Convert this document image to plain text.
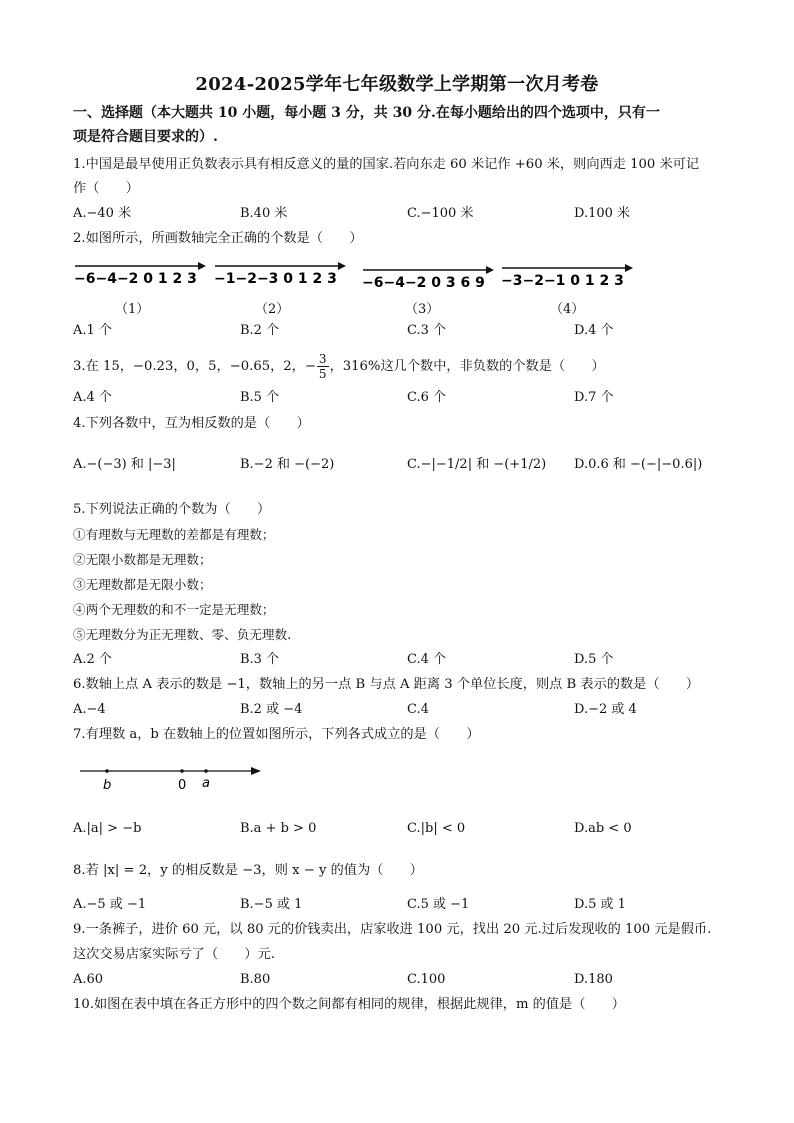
2024-2025学年七年级数学上学期第一次月考卷
一、选择题（本大题共 10 小题，每小题 3 分，共 30 分.在每小题给出的四个选项中，只有一
项是符合题目要求的）.
1.中国是最早使用正负数表示具有相反意义的量的国家.若向东走 60 米记作 +60 米，则向西走 100 米可记
作（　　）
A.−40 米	B.40 米	C.−100 米	D.100 米
2.如图所示，所画数轴完全正确的个数是（　　）
−6−4−2 0 1 2 3 −1−2−3 0 1 2 3 −6−4−2 0 3 6 9 −3−2−1 0 1 2 3
（1）	（2）	（3）	（4）
A.1 个	B.2 个	C.3 个	D.4 个
3.在 15，−0.23，0，5，−0.65，2，− $\frac{3}{5}$ ，316%这几个数中，非负数的个数是（　　）
A.4 个	B.5 个	C.6 个	D.7 个
4.下列各数中，互为相反数的是（　　）
A.−(−3) 和 |−3|	B.−2 和 −(−2)	C.−|−1/2| 和 −(+1/2) D.0.6 和 −(−|−0.6|)
5.下列说法正确的个数为（　　）
①有理数与无理数的差都是有理数；
②无限小数都是无理数；
③无理数都是无限小数；
④两个无理数的和不一定是无理数；
⑤无理数分为正无理数、零、负无理数.
A.2 个	B.3 个	C.4 个	D.5 个
6.数轴上点 A 表示的数是 −1，数轴上的另一点 B 与点 A 距离 3 个单位长度，则点 B 表示的数是（　　）
A.−4	B.2 或 −4	C.4	D.−2 或 4
7.有理数 a，b 在数轴上的位置如图所示，下列各式成立的是（　　）
b	0 a
A.|a| > −b	B.a + b > 0	C.|b| < 0	D.ab < 0
8.若 |x| = 2，y 的相反数是 −3，则 x − y 的值为（　　）
A.−5 或 −1	B.−5 或 1	C.5 或 −1	D.5 或 1
9.一条裤子，进价 60 元，以 80 元的价钱卖出，店家收进 100 元，找出 20 元.过后发现收的 100 元是假币.
这次交易店家实际亏了（　　）元.
A.60	B.80	C.100	D.180
10.如图在表中填在各正方形中的四个数之间都有相同的规律，根据此规律，m 的值是（　　）
